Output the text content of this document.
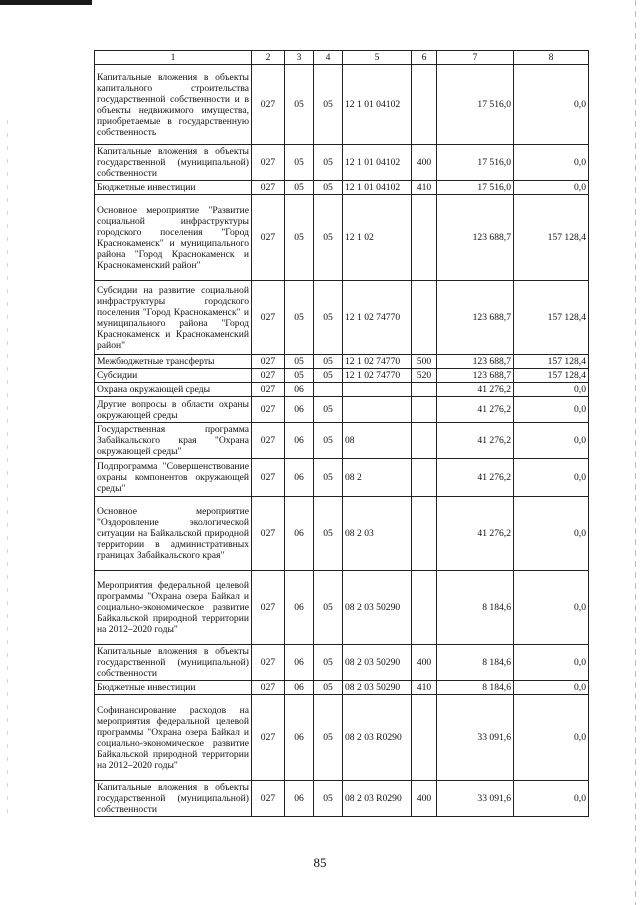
1	2	3	4	5	6	7	8
Капитальные вложения в объекты капитального строительства государственной собственности и в объекты недвижимого имущества, приобретаемые в государственную собственность	027	05	05	12 1 01 04102		17 516,0	0,0
Капитальные вложения в объекты государственной (муниципальной) собственности	027	05	05	12 1 01 04102	400	17 516,0	0,0
Бюджетные инвестиции	027	05	05	12 1 01 04102	410	17 516,0	0,0
Основное мероприятие "Развитие социальной инфраструктуры городского поселения "Город Краснокаменск" и муниципального района "Город Краснокаменск и Краснокаменский район"	027	05	05	12 1 02		123 688,7	157 128,4
Субсидии на развитие социальной инфраструктуры городского поселения "Город Краснокаменск" и муниципального района "Город Краснокаменск и Краснокаменский район"	027	05	05	12 1 02 74770		123 688,7	157 128,4
Межбюджетные трансферты	027	05	05	12 1 02 74770	500	123 688,7	157 128,4
Субсидии	027	05	05	12 1 02 74770	520	123 688,7	157 128,4
Охрана окружающей среды	027	06				41 276,2	0,0
Другие вопросы в области охраны окружающей среды	027	06	05			41 276,2	0,0
Государственная программа Забайкальского края "Охрана окружающей среды"	027	06	05	08		41 276,2	0,0
Подпрограмма "Совершенствование охраны компонентов окружающей среды"	027	06	05	08 2		41 276,2	0,0
Основное мероприятие "Оздоровление экологической ситуации на Байкальской природной территории в административных границах Забайкальского края"	027	06	05	08 2 03		41 276,2	0,0
Мероприятия федеральной целевой программы "Охрана озера Байкал и социально-экономическое развитие Байкальской природной территории на 2012–2020 годы"	027	06	05	08 2 03 50290		8 184,6	0,0
Капитальные вложения в объекты государственной (муниципальной) собственности	027	06	05	08 2 03 50290	400	8 184,6	0,0
Бюджетные инвестиции	027	06	05	08 2 03 50290	410	8 184,6	0,0
Софинансирование расходов на мероприятия федеральной целевой программы "Охрана озера Байкал и социально-экономическое развитие Байкальской природной территории на 2012–2020 годы"	027	06	05	08 2 03 R0290		33 091,6	0,0
Капитальные вложения в объекты государственной (муниципальной) собственности	027	06	05	08 2 03 R0290	400	33 091,6	0,0
85
